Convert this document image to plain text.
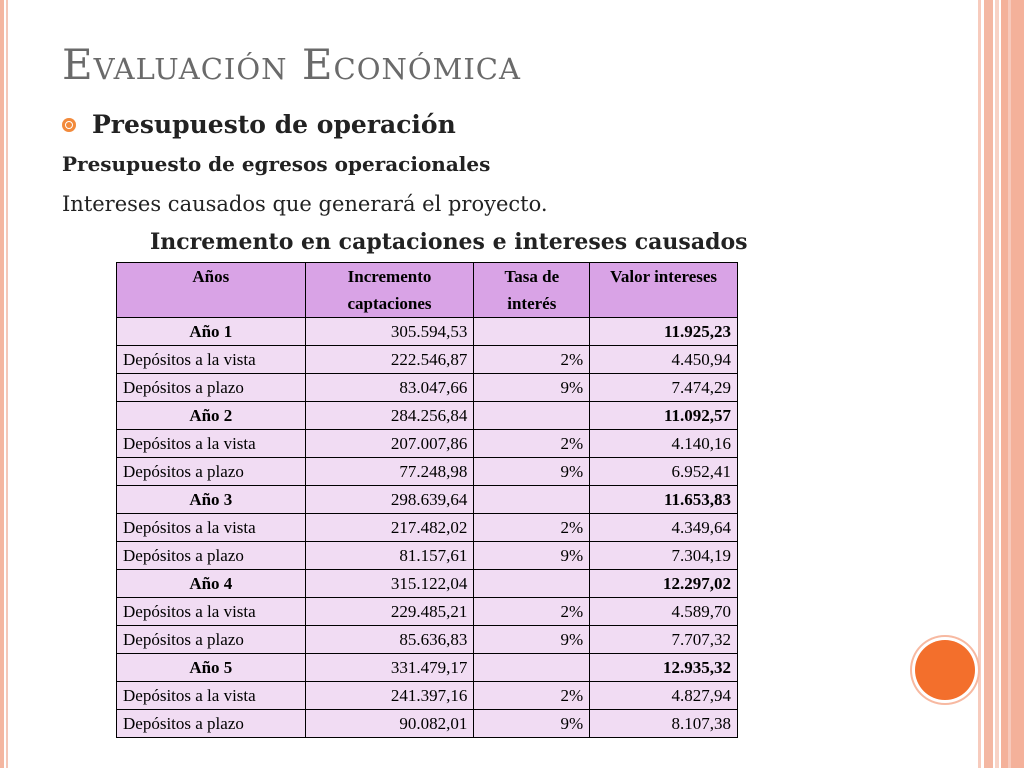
Evaluación Económica
Presupuesto de operación
Presupuesto de egresos operacionales
Intereses causados que generará el proyecto.
Incremento en captaciones e intereses causados
Años	Incremento captaciones	Tasa de interés	Valor intereses
Año 1	305.594,53		11.925,23
Depósitos a la vista	222.546,87	2%	4.450,94
Depósitos a plazo	83.047,66	9%	7.474,29
Año 2	284.256,84		11.092,57
Depósitos a la vista	207.007,86	2%	4.140,16
Depósitos a plazo	77.248,98	9%	6.952,41
Año 3	298.639,64		11.653,83
Depósitos a la vista	217.482,02	2%	4.349,64
Depósitos a plazo	81.157,61	9%	7.304,19
Año 4	315.122,04		12.297,02
Depósitos a la vista	229.485,21	2%	4.589,70
Depósitos a plazo	85.636,83	9%	7.707,32
Año 5	331.479,17		12.935,32
Depósitos a la vista	241.397,16	2%	4.827,94
Depósitos a plazo	90.082,01	9%	8.107,38
